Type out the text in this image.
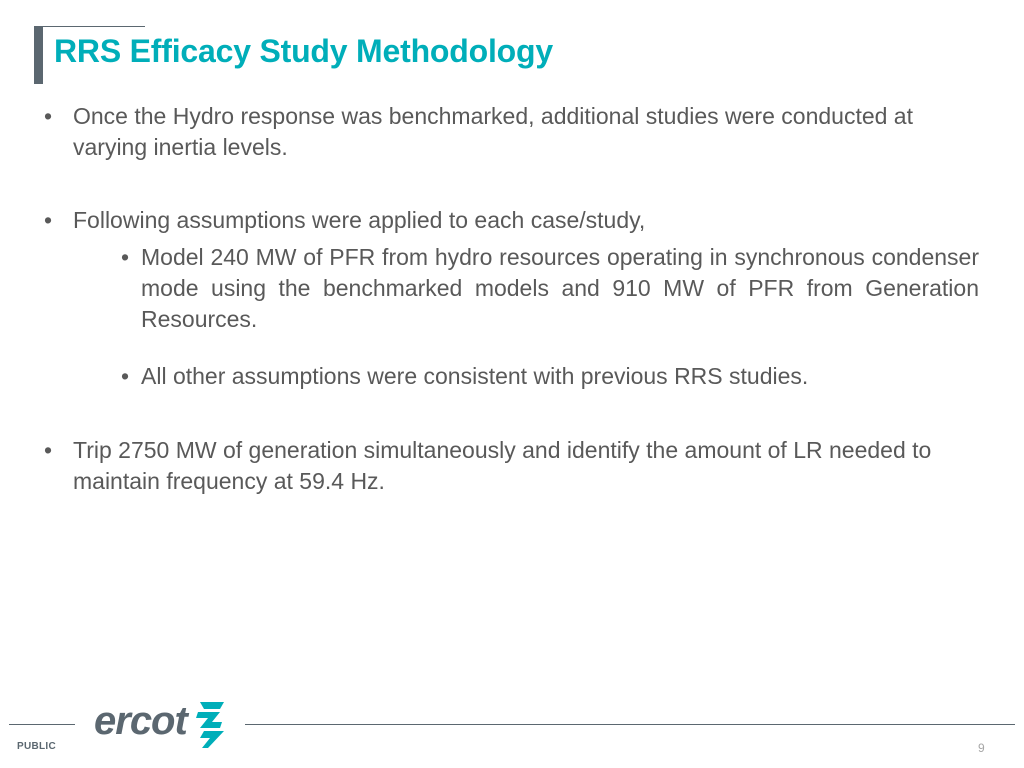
RRS Efficacy Study Methodology
• Once the Hydro response was benchmarked, additional studies were conducted at varying inertia levels.
• Following assumptions were applied to each case/study,
• Model 240 MW of PFR from hydro resources operating in synchronous condenser mode using the benchmarked models and 910 MW of PFR from Generation Resources.
• All other assumptions were consistent with previous RRS studies.
• Trip 2750 MW of generation simultaneously and identify the amount of LR needed to maintain frequency at 59.4 Hz.
ercot
PUBLIC	9
